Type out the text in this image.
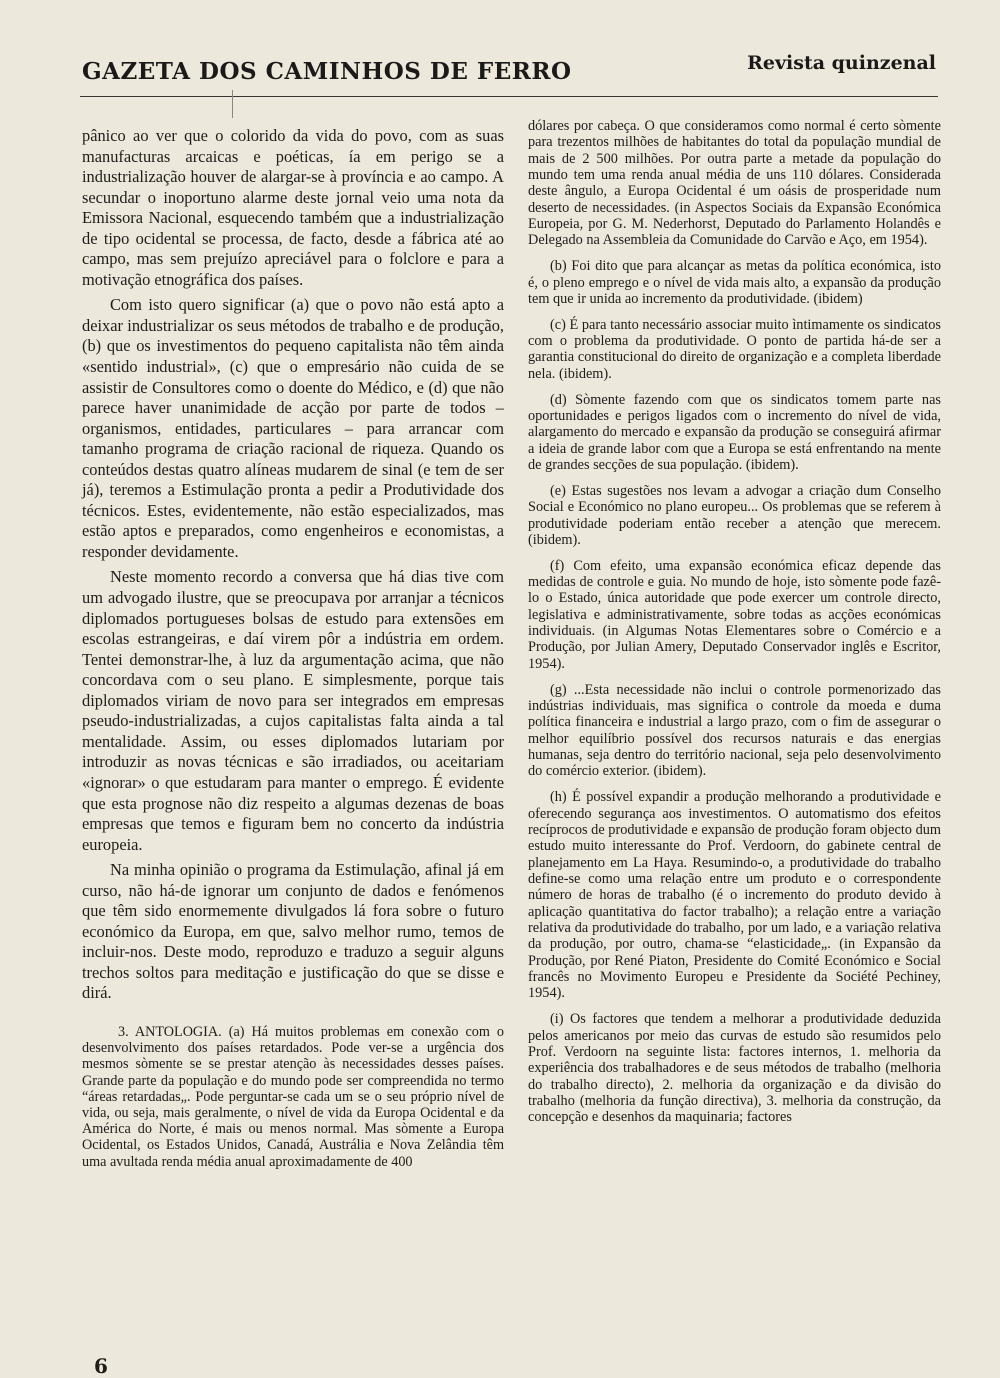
GAZETA DOS CAMINHOS DE FERRO	Revista quinzenal

pânico ao ver que o colorido da vida do povo, com as suas manufacturas arcaicas e poéticas, ía em perigo se a industrialização houver de alargar-se à província e ao campo. A secundar o inoportuno alarme deste jornal veio uma nota da Emissora Nacional, esquecendo também que a industrialização de tipo ocidental se processa, de facto, desde a fábrica até ao campo, mas sem prejuízo apreciável para o folclore e para a motivação etnográfica dos países.

Com isto quero significar (a) que o povo não está apto a deixar industrializar os seus métodos de trabalho e de produção, (b) que os investimentos do pequeno capitalista não têm ainda «sentido industrial», (c) que o empresário não cuida de se assistir de Consultores como o doente do Médico, e (d) que não parece haver unanimidade de acção por parte de todos – organismos, entidades, particulares – para arrancar com tamanho programa de criação racional de riqueza. Quando os conteúdos destas quatro alíneas mudarem de sinal (e tem de ser já), teremos a Estimulação pronta a pedir a Produtividade dos técnicos. Estes, evidentemente, não estão especializados, mas estão aptos e preparados, como engenheiros e economistas, a responder devidamente.

Neste momento recordo a conversa que há dias tive com um advogado ilustre, que se preocupava por arranjar a técnicos diplomados portugueses bolsas de estudo para extensões em escolas estrangeiras, e daí virem pôr a indústria em ordem. Tentei demonstrar-lhe, à luz da argumentação acima, que não concordava com o seu plano. E simplesmente, porque tais diplomados viriam de novo para ser integrados em empresas pseudo-industrializadas, a cujos capitalistas falta ainda a tal mentalidade. Assim, ou esses diplomados lutariam por introduzir as novas técnicas e são irradiados, ou aceitariam «ignorar» o que estudaram para manter o emprego. É evidente que esta prognose não diz respeito a algumas dezenas de boas empresas que temos e figuram bem no concerto da indústria europeia.

Na minha opinião o programa da Estimulação, afinal já em curso, não há-de ignorar um conjunto de dados e fenómenos que têm sido enormemente divulgados lá fora sobre o futuro económico da Europa, em que, salvo melhor rumo, temos de incluir-nos. Deste modo, reproduzo e traduzo a seguir alguns trechos soltos para meditação e justificação do que se disse e dirá.

3. ANTOLOGIA. (a) Há muitos problemas em conexão com o desenvolvimento dos países retardados. Pode ver-se a urgência dos mesmos sòmente se se prestar atenção às necessidades desses países. Grande parte da população e do mundo pode ser compreendida no termo “áreas retardadas„. Pode perguntar-se cada um se o seu próprio nível de vida, ou seja, mais geralmente, o nível de vida da Europa Ocidental e da América do Norte, é mais ou menos normal. Mas sòmente a Europa Ocidental, os Estados Unidos, Canadá, Austrália e Nova Zelândia têm uma avultada renda média anual aproximadamente de 400

dólares por cabeça. O que consideramos como normal é certo sòmente para trezentos milhões de habitantes do total da população mundial de mais de 2 500 milhões. Por outra parte a metade da população do mundo tem uma renda anual média de uns 110 dólares. Considerada deste ângulo, a Europa Ocidental é um oásis de prosperidade num deserto de necessidades. (in Aspectos Sociais da Expansão Económica Europeia, por G. M. Nederhorst, Deputado do Parlamento Holandês e Delegado na Assembleia da Comunidade do Carvão e Aço, em 1954).

(b) Foi dito que para alcançar as metas da política económica, isto é, o pleno emprego e o nível de vida mais alto, a expansão da produção tem que ir unida ao incremento da produtividade. (ibidem)

(c) É para tanto necessário associar muito ìntimamente os sindicatos com o problema da produtividade. O ponto de partida há-de ser a garantia constitucional do direito de organização e a completa liberdade nela. (ibidem).

(d) Sòmente fazendo com que os sindicatos tomem parte nas oportunidades e perigos ligados com o incremento do nível de vida, alargamento do mercado e expansão da produção se conseguirá afirmar a ideia de grande labor com que a Europa se está enfrentando na mente de grandes secções de sua população. (ibidem).

(e) Estas sugestões nos levam a advogar a criação dum Conselho Social e Económico no plano europeu... Os problemas que se referem à produtividade poderiam então receber a atenção que merecem. (ibidem).

(f) Com efeito, uma expansão económica eficaz depende das medidas de controle e guia. No mundo de hoje, isto sòmente pode fazê-lo o Estado, única autoridade que pode exercer um controle directo, legislativa e administrativamente, sobre todas as acções económicas individuais. (in Algumas Notas Elementares sobre o Comércio e a Produção, por Julian Amery, Deputado Conservador inglês e Escritor, 1954).

(g) ...Esta necessidade não inclui o controle pormenorizado das indústrias individuais, mas significa o controle da moeda e duma política financeira e industrial a largo prazo, com o fim de assegurar o melhor equilíbrio possível dos recursos naturais e das energias humanas, seja dentro do território nacional, seja pelo desenvolvimento do comércio exterior. (ibidem).

(h) É possível expandir a produção melhorando a produtividade e oferecendo segurança aos investimentos. O automatismo dos efeitos recíprocos de produtividade e expansão de produção foram objecto dum estudo muito interessante do Prof. Verdoorn, do gabinete central de planejamento em La Haya. Resumindo-o, a produtividade do trabalho define-se como uma relação entre um produto e o correspondente número de horas de trabalho (é o incremento do produto devido à aplicação quantitativa do factor trabalho); a relação entre a variação relativa da produtividade do trabalho, por um lado, e a variação relativa da produção, por outro, chama-se “elasticidade„. (in Expansão da Produção, por René Piaton, Presidente do Comité Económico e Social francês no Movimento Europeu e Presidente da Société Pechiney, 1954).

(i) Os factores que tendem a melhorar a produtividade deduzida pelos americanos por meio das curvas de estudo são resumidos pelo Prof. Verdoorn na seguinte lista: factores internos, 1. melhoria da experiência dos trabalhadores e de seus métodos de trabalho (melhoria do trabalho directo), 2. melhoria da organização e da divisão do trabalho (melhoria da função directiva), 3. melhoria da construção, da concepção e desenhos da maquinaria; factores

6
